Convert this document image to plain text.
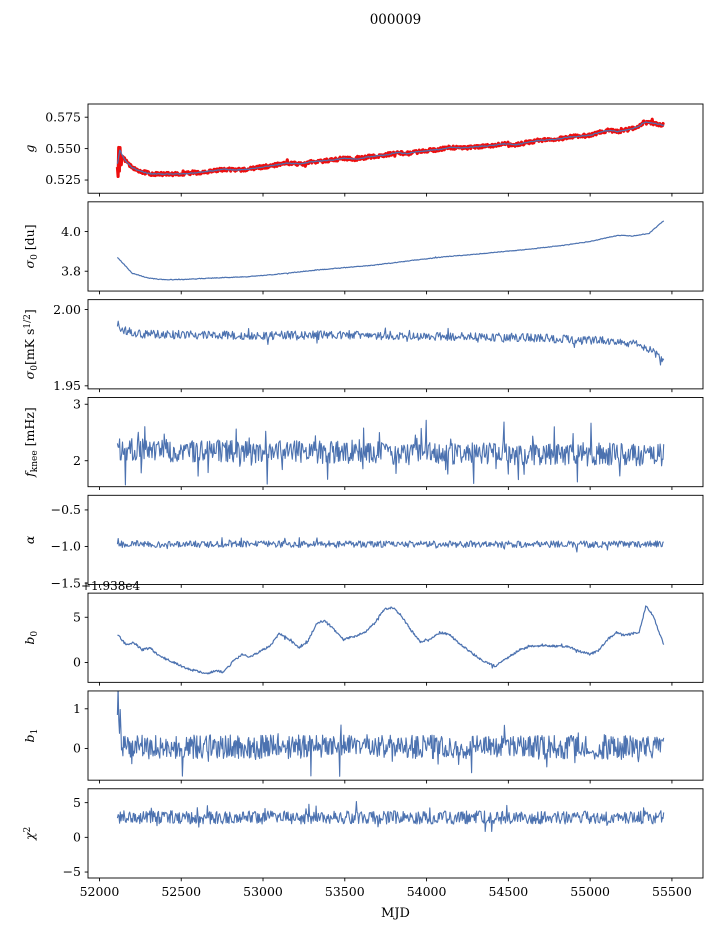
000009
0.525
0.550
0.575
g
3.8
4.0
$\sigma_0$ [du]
1.95
2.00
$\sigma_0[mK$ $s^{1/2}$]
2
3
$f_{knee}$ [mHz]
−0.5
−1.0
−1.5
α
0
5
$b_0$
+1.938e4
0
1
$b_1$
−5
0
5
$\chi^2$
52000	52500	53000	53500	54000	54500	55000	55500
MJD
